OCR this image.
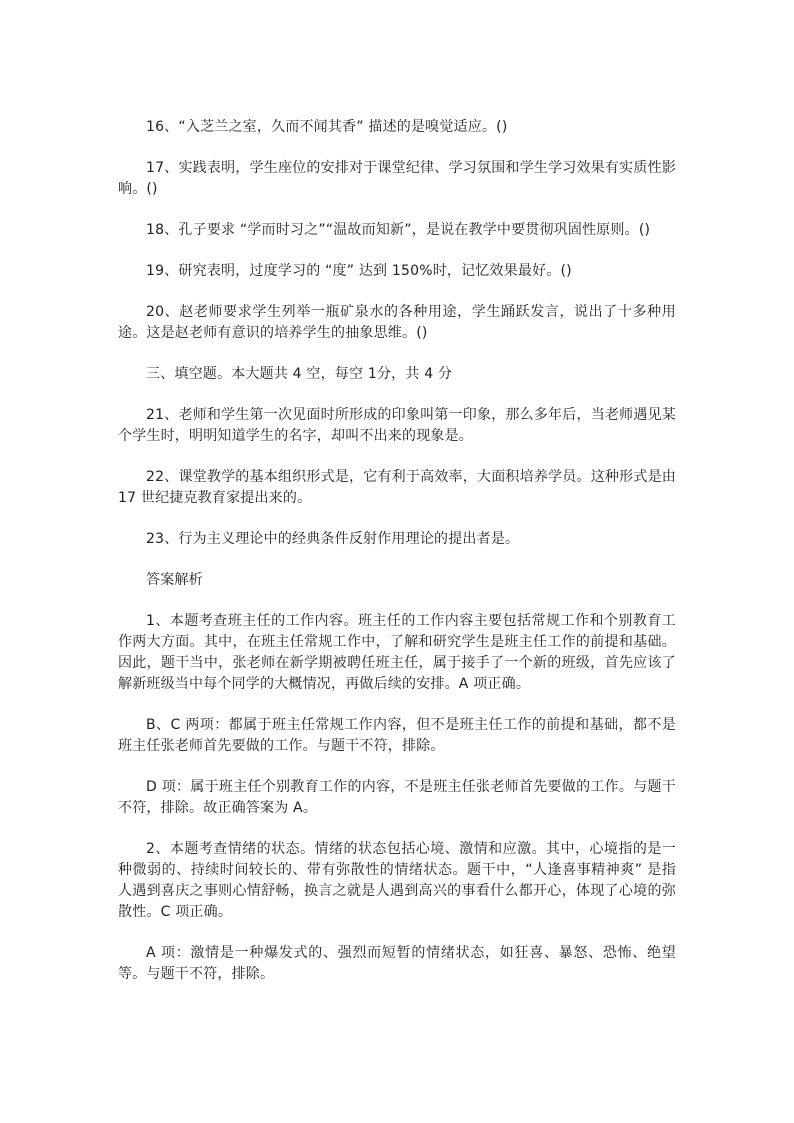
16、“入芝兰之室，久而不闻其香” 描述的是嗅觉适应。()

17、实践表明，学生座位的安排对于课堂纪律、学习氛围和学生学习效果有实质性影响。()

18、孔子要求 “学而时习之”“温故而知新”，是说在教学中要贯彻巩固性原则。()

19、研究表明，过度学习的 “度” 达到 150%时，记忆效果最好。()

20、赵老师要求学生列举一瓶矿泉水的各种用途，学生踊跃发言，说出了十多种用途。这是赵老师有意识的培养学生的抽象思维。()

三、填空题。本大题共 4 空，每空 1分，共 4 分

21、老师和学生第一次见面时所形成的印象叫第一印象，那么多年后，当老师遇见某个学生时，明明知道学生的名字，却叫不出来的现象是。

22、课堂教学的基本组织形式是，它有利于高效率，大面积培养学员。这种形式是由 17 世纪捷克教育家提出来的。

23、行为主义理论中的经典条件反射作用理论的提出者是。

答案解析

1、本题考查班主任的工作内容。班主任的工作内容主要包括常规工作和个别教育工作两大方面。其中，在班主任常规工作中，了解和研究学生是班主任工作的前提和基础。因此，题干当中，张老师在新学期被聘任班主任，属于接手了一个新的班级，首先应该了解新班级当中每个同学的大概情况，再做后续的安排。A 项正确。

B、C 两项：都属于班主任常规工作内容，但不是班主任工作的前提和基础，都不是班主任张老师首先要做的工作。与题干不符，排除。

D 项：属于班主任个别教育工作的内容，不是班主任张老师首先要做的工作。与题干不符，排除。故正确答案为 A。

2、本题考查情绪的状态。情绪的状态包括心境、激情和应激。其中，心境指的是一种微弱的、持续时间较长的、带有弥散性的情绪状态。题干中，“人逢喜事精神爽” 是指人遇到喜庆之事则心情舒畅，换言之就是人遇到高兴的事看什么都开心，体现了心境的弥散性。C 项正确。

A 项：激情是一种爆发式的、强烈而短暂的情绪状态，如狂喜、暴怒、恐怖、绝望等。与题干不符，排除。
